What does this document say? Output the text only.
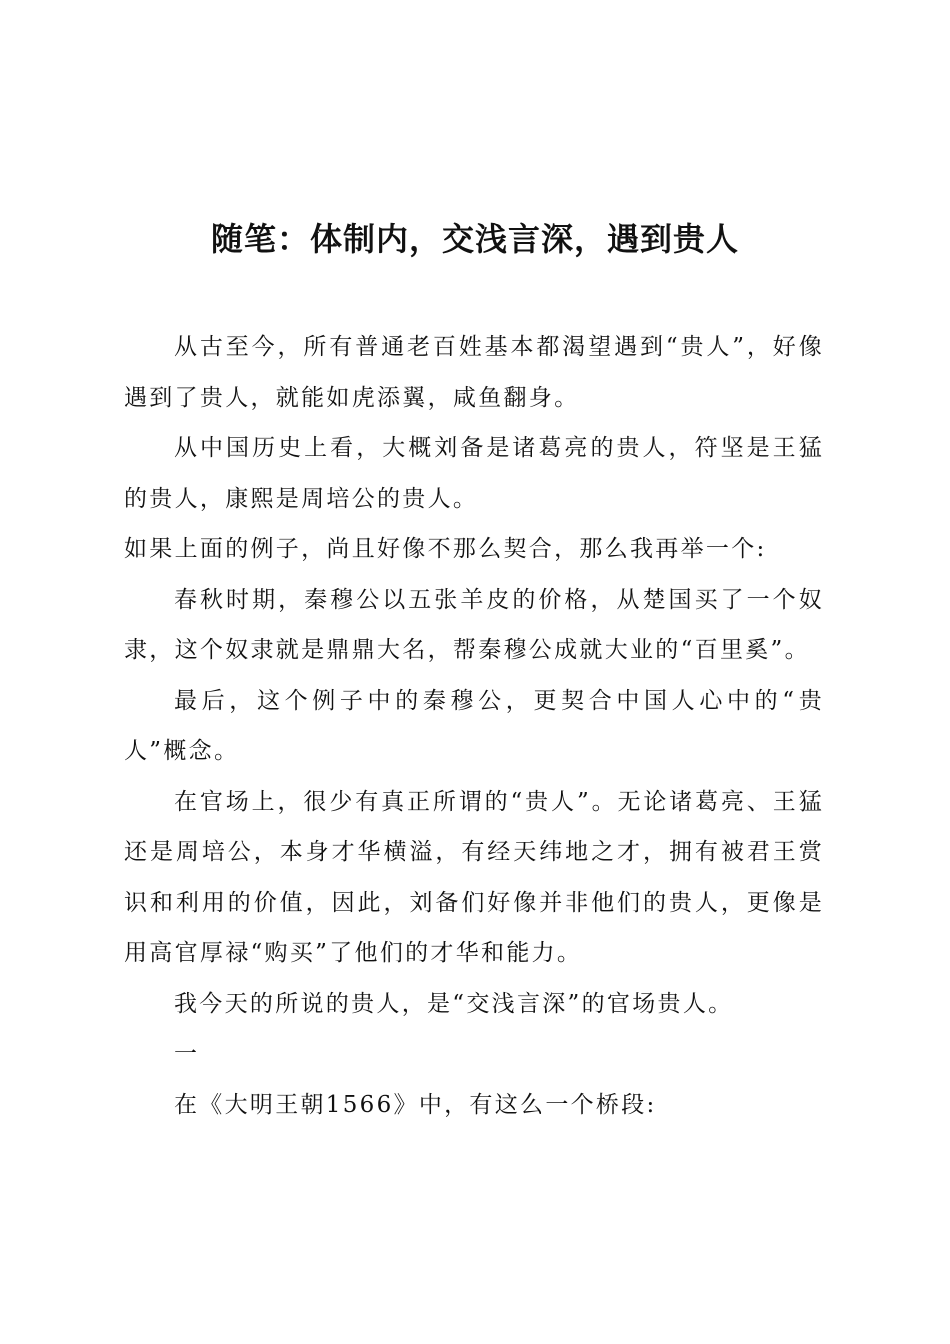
随笔：体制内，交浅言深，遇到贵人

从古至今，所有普通老百姓基本都渴望遇到“贵人”，好像遇到了贵人，就能如虎添翼，咸鱼翻身。

从中国历史上看，大概刘备是诸葛亮的贵人，符坚是王猛的贵人，康熙是周培公的贵人。

如果上面的例子，尚且好像不那么契合，那么我再举一个:

春秋时期，秦穆公以五张羊皮的价格，从楚国买了一个奴隶，这个奴隶就是鼎鼎大名，帮秦穆公成就大业的“百里奚”。

最后，这个例子中的秦穆公，更契合中国人心中的“贵人”概念。

在官场上，很少有真正所谓的“贵人”。无论诸葛亮、王猛还是周培公，本身才华横溢，有经天纬地之才，拥有被君王赏识和利用的价值，因此，刘备们好像并非他们的贵人，更像是用高官厚禄“购买”了他们的才华和能力。

我今天的所说的贵人，是“交浅言深”的官场贵人。

一

在《大明王朝1566》中，有这么一个桥段:
